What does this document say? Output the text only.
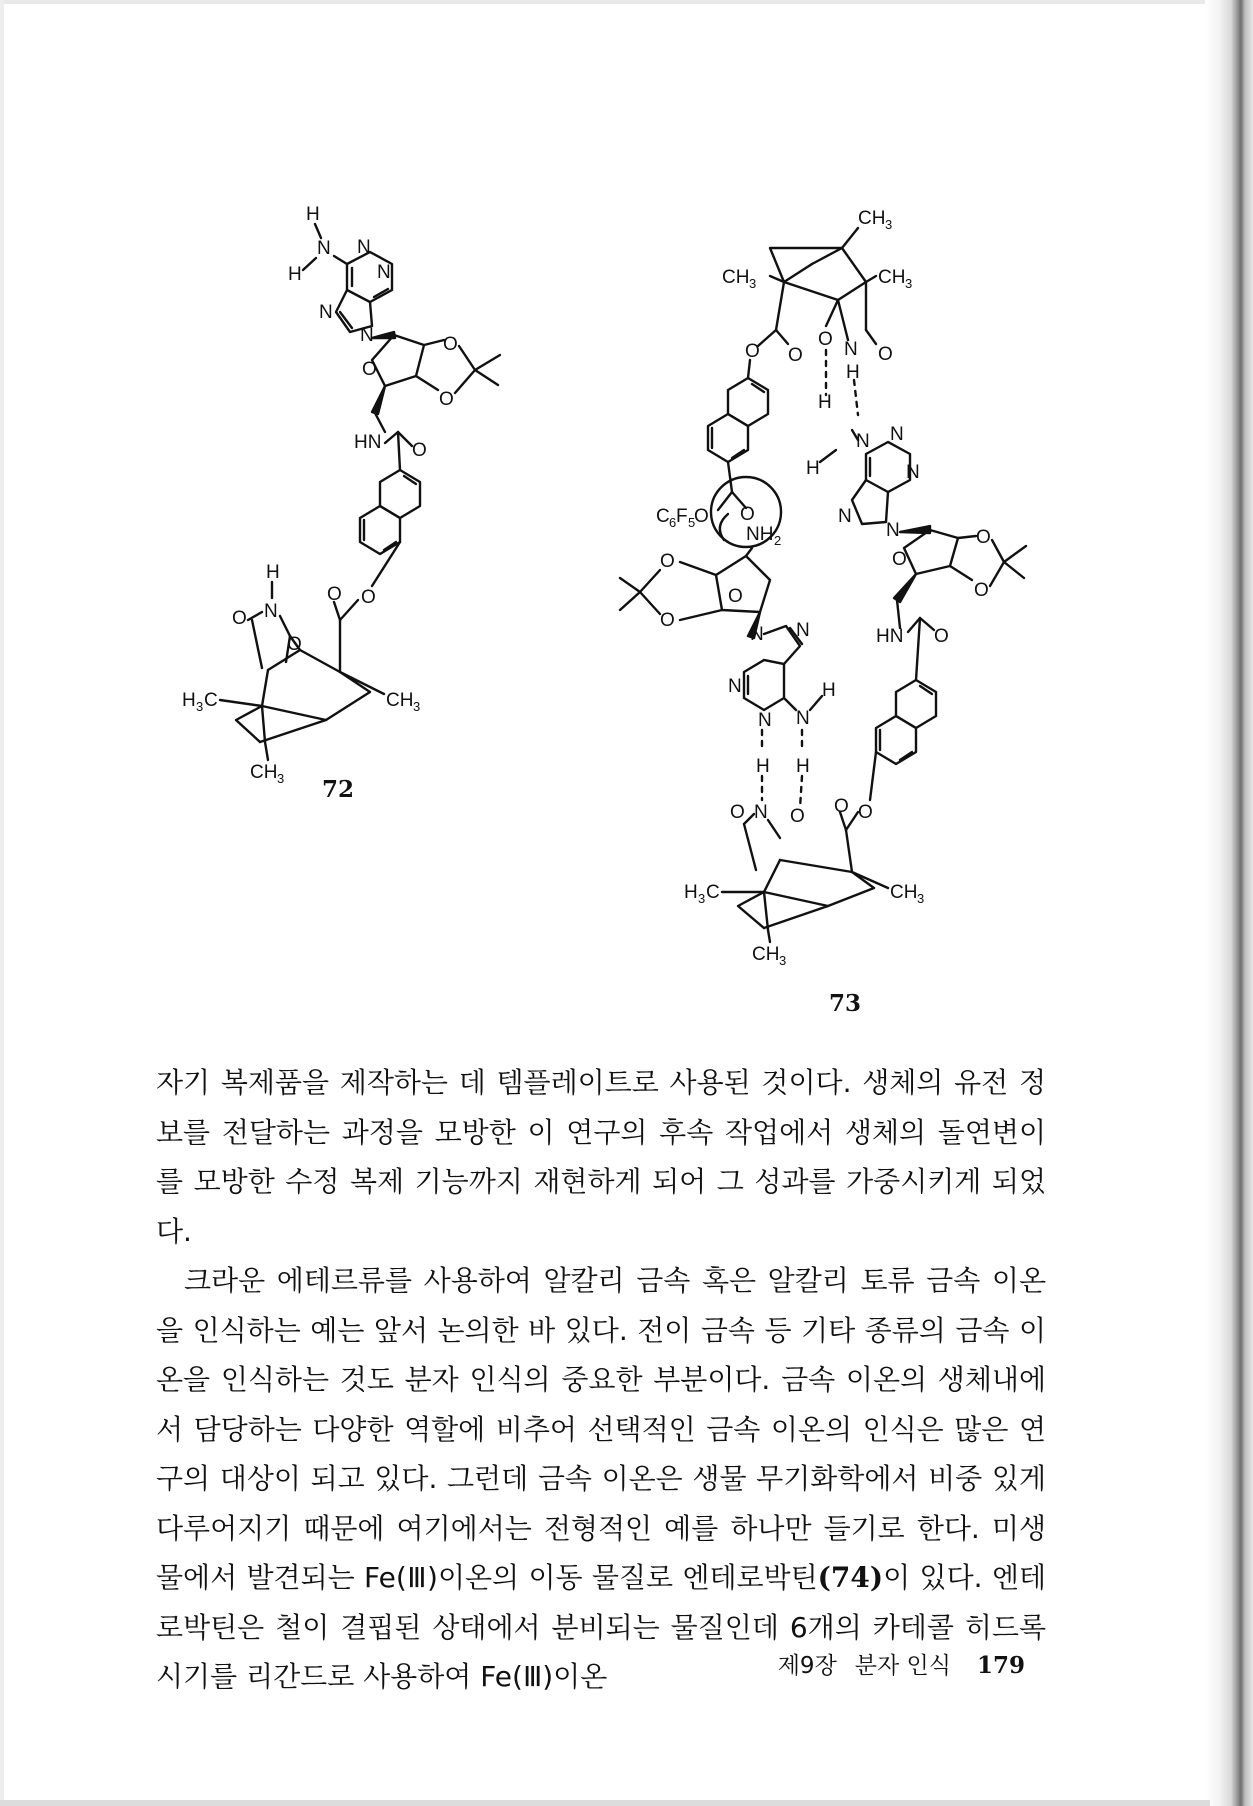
H
H
N N
N
N
N
O
O
O
HN O
O
O
CH 3
H 3 C
CH 3
H
N
O
O
CH 3
CH 3	CH 3
O
O	N O
O
H
H
C 6 F 5
O O
NH 2
O
O
O
N N
N
N N
H
H H
N
H
N
N
N
N
O
O
O
HN O
O
O
O
N
O
CH 3
H 3 C
CH 3
72
73

자기 복제품을 제작하는 데 템플레이트로 사용된 것이다. 생체의 유전 정보를 전달하는 과정을 모방한 이 연구의 후속 작업에서 생체의 돌연변이를 모방한 수정 복제 기능까지 재현하게 되어 그 성과를 가중시키게 되었다.

크라운 에테르류를 사용하여 알칼리 금속 혹은 알칼리 토류 금속 이온을 인식하는 예는 앞서 논의한 바 있다. 전이 금속 등 기타 종류의 금속 이온을 인식하는 것도 분자 인식의 중요한 부분이다. 금속 이온의 생체내에서 담당하는 다양한 역할에 비추어 선택적인 금속 이온의 인식은 많은 연구의 대상이 되고 있다. 그런데 금속 이온은 생물 무기화학에서 비중 있게 다루어지기 때문에 여기에서는 전형적인 예를 하나만 들기로 한다. 미생물에서 발견되는 Fe(Ⅲ)이온의 이동 물질로 엔테로박틴(74)이 있다. 엔테로박틴은 철이 결핍된 상태에서 분비되는 물질인데 6개의 카테콜 히드록시기를 리간드로 사용하여 Fe(Ⅲ)이온	제9장 분자 인식 179
